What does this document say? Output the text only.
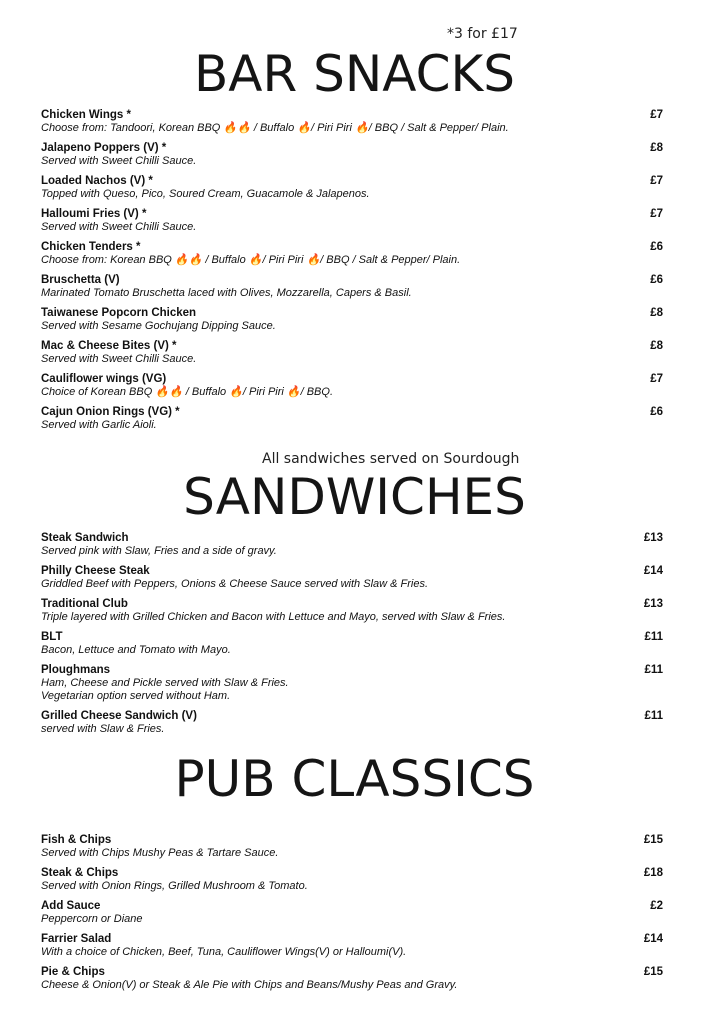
*3 for £17
BAR SNACKS
Chicken Wings *
Choose from: Tandoori, Korean BBQ 🔥🔥 / Buffalo 🔥/ Piri Piri 🔥/ BBQ / Salt & Pepper/ Plain.
£7
Jalapeno Poppers (V) *
Served with Sweet Chilli Sauce.
£8
Loaded Nachos (V) *
Topped with Queso, Pico, Soured Cream, Guacamole & Jalapenos.
£7
Halloumi Fries (V) *
Served with Sweet Chilli Sauce.
£7
Chicken Tenders *
Choose from: Korean BBQ 🔥🔥 / Buffalo 🔥/ Piri Piri 🔥/ BBQ / Salt & Pepper/ Plain.
£6
Bruschetta (V)
Marinated Tomato Bruschetta laced with Olives, Mozzarella, Capers & Basil.
£6
Taiwanese Popcorn Chicken
Served with Sesame Gochujang Dipping Sauce.
£8
Mac & Cheese Bites (V) *
Served with Sweet Chilli Sauce.
£8
Cauliflower wings (VG)
Choice of Korean BBQ 🔥🔥 / Buffalo 🔥/ Piri Piri 🔥/ BBQ.
£7
Cajun Onion Rings (VG) *
Served with Garlic Aioli.
£6
All sandwiches served on Sourdough
SANDWICHES
Steak Sandwich
Served pink with Slaw, Fries and a side of gravy.
£13
Philly Cheese Steak
Griddled Beef with Peppers, Onions & Cheese Sauce served with Slaw & Fries.
£14
Traditional Club
Triple layered with Grilled Chicken and Bacon with Lettuce and Mayo, served with Slaw & Fries.
£13
BLT
Bacon, Lettuce and Tomato with Mayo.
£11
Ploughmans
Ham, Cheese and Pickle served with Slaw & Fries.
Vegetarian option served without Ham.
£11
Grilled Cheese Sandwich (V)
served with Slaw & Fries.
£11
PUB CLASSICS
Fish & Chips
Served with Chips Mushy Peas & Tartare Sauce.
£15
Steak & Chips
Served with Onion Rings, Grilled Mushroom & Tomato.
£18
Add Sauce
Peppercorn or Diane
£2
Farrier Salad
With a choice of Chicken, Beef, Tuna, Cauliflower Wings(V) or Halloumi(V).
£14
Pie & Chips
Cheese & Onion(V) or Steak & Ale Pie with Chips and Beans/Mushy Peas and Gravy.
£15
